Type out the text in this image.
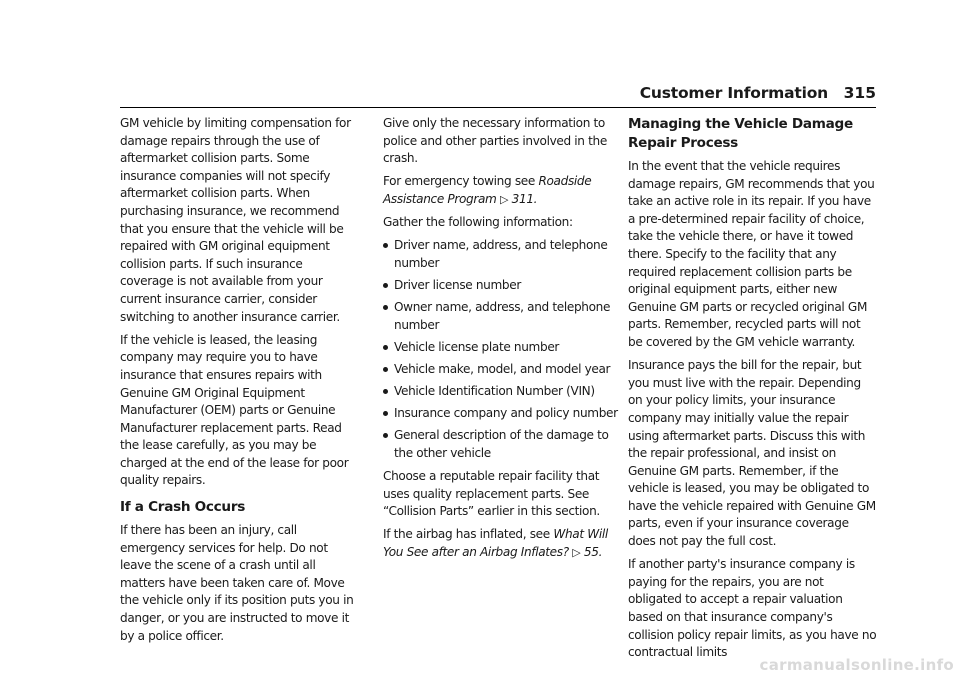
Customer Information 315

GM vehicle by limiting compensation for damage repairs through the use of aftermarket collision parts. Some insurance companies will not specify aftermarket collision parts. When purchasing insurance, we recommend that you ensure that the vehicle will be repaired with GM original equipment collision parts. If such insurance coverage is not available from your current insurance carrier, consider switching to another insurance carrier.

If the vehicle is leased, the leasing company may require you to have insurance that ensures repairs with Genuine GM Original Equipment Manufacturer (OEM) parts or Genuine Manufacturer replacement parts. Read the lease carefully, as you may be charged at the end of the lease for poor quality repairs.

If a Crash Occurs

If there has been an injury, call emergency services for help. Do not leave the scene of a crash until all matters have been taken care of. Move the vehicle only if its position puts you in danger, or you are instructed to move it by a police officer.

Give only the necessary information to police and other parties involved in the crash.

For emergency towing see Roadside Assistance Program ▷ 311.

Gather the following information:

Driver name, address, and telephone number
Driver license number
Owner name, address, and telephone number
Vehicle license plate number
Vehicle make, model, and model year
Vehicle Identification Number (VIN)
Insurance company and policy number
General description of the damage to the other vehicle

Choose a reputable repair facility that uses quality replacement parts. See “Collision Parts” earlier in this section.

If the airbag has inflated, see What Will You See after an Airbag Inflates? ▷ 55.

Managing the Vehicle Damage Repair Process

In the event that the vehicle requires damage repairs, GM recommends that you take an active role in its repair. If you have a pre-determined repair facility of choice, take the vehicle there, or have it towed there. Specify to the facility that any required replacement collision parts be original equipment parts, either new Genuine GM parts or recycled original GM parts. Remember, recycled parts will not be covered by the GM vehicle warranty.

Insurance pays the bill for the repair, but you must live with the repair. Depending on your policy limits, your insurance company may initially value the repair using aftermarket parts. Discuss this with the repair professional, and insist on Genuine GM parts. Remember, if the vehicle is leased, you may be obligated to have the vehicle repaired with Genuine GM parts, even if your insurance coverage does not pay the full cost.

If another party's insurance company is paying for the repairs, you are not obligated to accept a repair valuation based on that insurance company's collision policy repair limits, as you have no contractual limits

carmanualsonline.info
